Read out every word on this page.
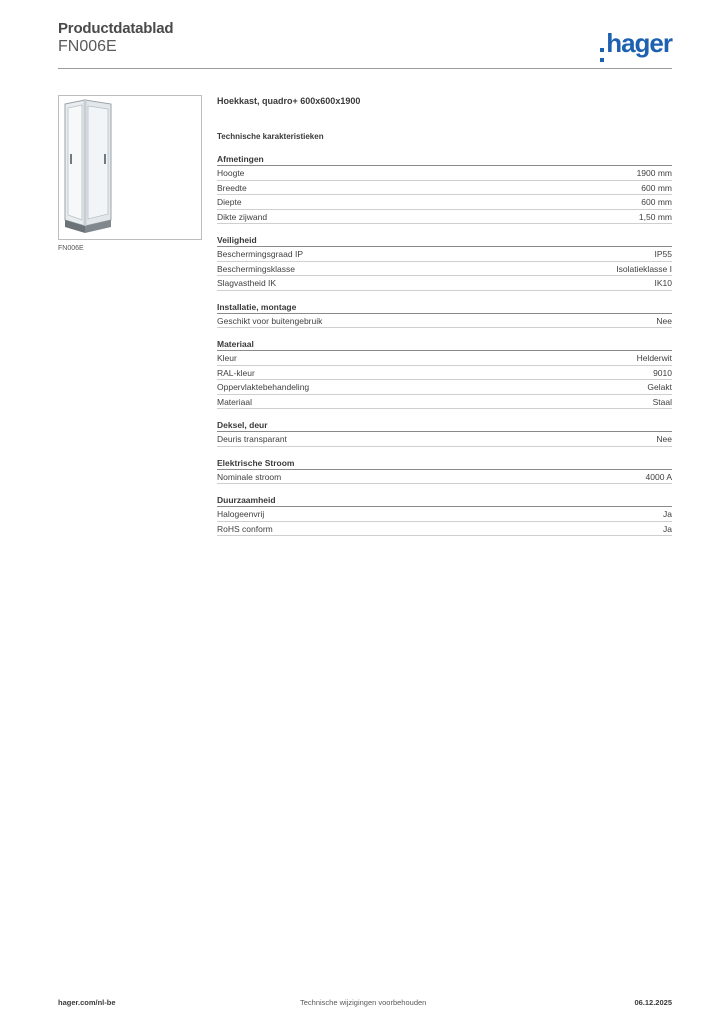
Productdatablad
FN006E	hager
FN006E
Hoekkast, quadro+ 600x600x1900
Technische karakteristieken
Afmetingen
Hoogte	1900 mm
Breedte	600 mm
Diepte	600 mm
Dikte zijwand	1,50 mm
Veiligheid
Beschermingsgraad IP	IP55
Beschermingsklasse	Isolatieklasse I
Slagvastheid IK	IK10
Installatie, montage
Geschikt voor buitengebruik	Nee
Materiaal
Kleur	Helderwit
RAL-kleur	9010
Oppervlaktebehandeling	Gelakt
Materiaal	Staal
Deksel, deur
Deuris transparant	Nee
Elektrische Stroom
Nominale stroom	4000 A
Duurzaamheid
Halogeenvrij	Ja
RoHS conform	Ja
hager.com/nl-be	Technische wijzigingen voorbehouden	06.12.2025
